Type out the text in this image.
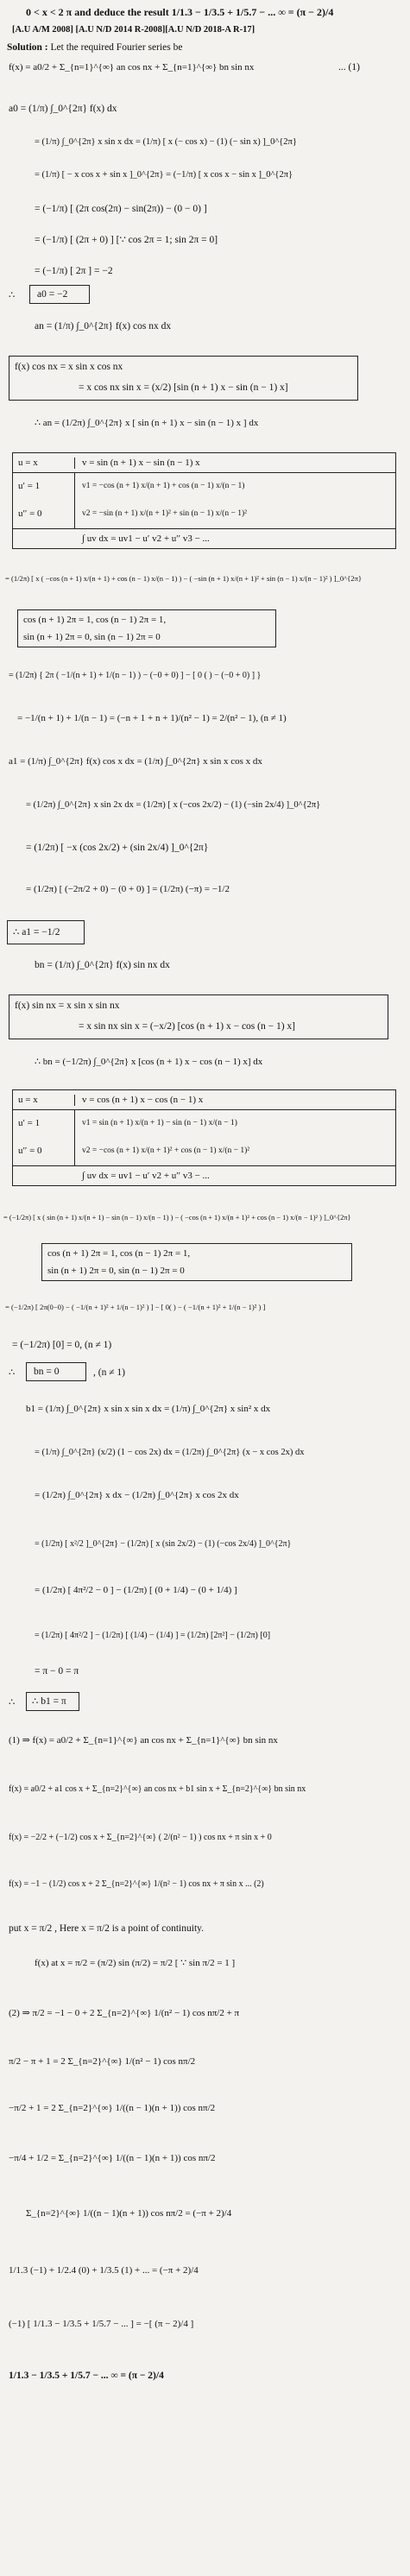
0 < x < 2 π and deduce the result 1/1.3 − 1/3.5 + 1/5.7 − ... ∞ = (π − 2)/4
[A.U A/M 2008] [A.U N/D 2014 R-2008][A.U N/D 2018-A R-17]
Solution : Let the required Fourier series be
f(x) = a0/2 + Σ_{n=1}^{∞} an cos nx + Σ_{n=1}^{∞} bn sin nx	... (1)
a0 = (1/π) ∫_0^{2π} f(x) dx
= (1/π) ∫_0^{2π} x sin x dx = (1/π) [ x (− cos x) − (1) (− sin x) ]_0^{2π}
= (1/π) [ − x cos x + sin x ]_0^{2π} = (−1/π) [ x cos x − sin x ]_0^{2π}
= (−1/π) [ (2π cos(2π) − sin(2π)) − (0 − 0) ]
= (−1/π) [ (2π + 0) ] [∵ cos 2π = 1; sin 2π = 0]
= (−1/π) [ 2π ] = −2
∴ a0 = −2
an = (1/π) ∫_0^{2π} f(x) cos nx dx
f(x) cos nx = x sin x cos nx
= x cos nx sin x = (x/2) [sin (n + 1) x − sin (n − 1) x]
∴ an = (1/2π) ∫_0^{2π} x [ sin (n + 1) x − sin (n − 1) x ] dx
u = x	v = sin (n + 1) x − sin (n − 1) x
u′ = 1	v1 = −cos (n + 1) x/(n + 1) + cos (n − 1) x/(n − 1)
u′′ = 0	v2 = −sin (n + 1) x/(n + 1)² + sin (n − 1) x/(n − 1)²
∫ uv dx = uv1 − u′ v2 + u′′ v3 − ...
= (1/2π) [ x ( −cos (n + 1) x/(n + 1) + cos (n − 1) x/(n − 1) ) − ( −sin (n + 1) x/(n + 1)² + sin (n − 1) x/(n − 1)² ) ]_0^{2π}
cos (n + 1) 2π = 1, cos (n − 1) 2π = 1,
sin (n + 1) 2π = 0, sin (n − 1) 2π = 0
= (1/2π) { 2π ( −1/(n + 1) + 1/(n − 1) ) − (−0 + 0) ] − [ 0 ( ) − (−0 + 0) ] }
= −1/(n + 1) + 1/(n − 1) = (−n + 1 + n + 1)/(n² − 1) = 2/(n² − 1), (n ≠ 1)
a1 = (1/π) ∫_0^{2π} f(x) cos x dx = (1/π) ∫_0^{2π} x sin x cos x dx
= (1/2π) ∫_0^{2π} x sin 2x dx = (1/2π) [ x (−cos 2x/2) − (1) (−sin 2x/4) ]_0^{2π}
= (1/2π) [ −x (cos 2x/2) + (sin 2x/4) ]_0^{2π}
= (1/2π) [ (−2π/2 + 0) − (0 + 0) ] = (1/2π) (−π) = −1/2
∴ a1 = −1/2
bn = (1/π) ∫_0^{2π} f(x) sin nx dx
f(x) sin nx = x sin x sin nx
= x sin nx sin x = (−x/2) [cos (n + 1) x − cos (n − 1) x]
∴ bn = (−1/2π) ∫_0^{2π} x [cos (n + 1) x − cos (n − 1) x] dx
u = x	v = cos (n + 1) x − cos (n − 1) x
u′ = 1	v1 = sin (n + 1) x/(n + 1) − sin (n − 1) x/(n − 1)
u′′ = 0	v2 = −cos (n + 1) x/(n + 1)² + cos (n − 1) x/(n − 1)²
∫ uv dx = uv1 − u′ v2 + u′′ v3 − ...
= (−1/2π) [ x ( sin (n + 1) x/(n + 1) − sin (n − 1) x/(n − 1) ) − ( −cos (n + 1) x/(n + 1)² + cos (n − 1) x/(n − 1)² ) ]_0^{2π}
cos (n + 1) 2π = 1, cos (n − 1) 2π = 1,
sin (n + 1) 2π = 0, sin (n − 1) 2π = 0
= (−1/2π) [ 2π(0−0) − ( −1/(n + 1)² + 1/(n − 1)² ) ] − [ 0( ) − ( −1/(n + 1)² + 1/(n − 1)² ) ]
= (−1/2π) [0] = 0, (n ≠ 1)
∴ bn = 0	, (n ≠ 1)
b1 = (1/π) ∫_0^{2π} x sin x sin x dx = (1/π) ∫_0^{2π} x sin² x dx
= (1/π) ∫_0^{2π} (x/2) (1 − cos 2x) dx = (1/2π) ∫_0^{2π} (x − x cos 2x) dx
= (1/2π) ∫_0^{2π} x dx − (1/2π) ∫_0^{2π} x cos 2x dx
= (1/2π) [ x²/2 ]_0^{2π} − (1/2π) [ x (sin 2x/2) − (1) (−cos 2x/4) ]_0^{2π}
= (1/2π) [ 4π²/2 − 0 ] − (1/2π) [ (0 + 1/4) − (0 + 1/4) ]
= (1/2π) [ 4π²/2 ] − (1/2π) [ (1/4) − (1/4) ] = (1/2π) [2π²] − (1/2π) [0]
= π − 0 = π
∴ ∴ b1 = π
(1) ⇒ f(x) = a0/2 + Σ_{n=1}^{∞} an cos nx + Σ_{n=1}^{∞} bn sin nx
f(x) = a0/2 + a1 cos x + Σ_{n=2}^{∞} an cos nx + b1 sin x + Σ_{n=2}^{∞} bn sin nx
f(x) = −2/2 + (−1/2) cos x + Σ_{n=2}^{∞} ( 2/(n² − 1) ) cos nx + π sin x + 0
f(x) = −1 − (1/2) cos x + 2 Σ_{n=2}^{∞} 1/(n² − 1) cos nx + π sin x ... (2)
put x = π/2 , Here x = π/2 is a point of continuity.
f(x) at x = π/2 = (π/2) sin (π/2) = π/2 [ ∵ sin π/2 = 1 ]
(2) ⇒ π/2 = −1 − 0 + 2 Σ_{n=2}^{∞} 1/(n² − 1) cos nπ/2 + π
π/2 − π + 1 = 2 Σ_{n=2}^{∞} 1/(n² − 1) cos nπ/2
−π/2 + 1 = 2 Σ_{n=2}^{∞} 1/((n − 1)(n + 1)) cos nπ/2
−π/4 + 1/2 = Σ_{n=2}^{∞} 1/((n − 1)(n + 1)) cos nπ/2
Σ_{n=2}^{∞} 1/((n − 1)(n + 1)) cos nπ/2 = (−π + 2)/4
1/1.3 (−1) + 1/2.4 (0) + 1/3.5 (1) + ... = (−π + 2)/4
(−1) [ 1/1.3 − 1/3.5 + 1/5.7 − ... ] = −[ (π − 2)/4 ]
1/1.3 − 1/3.5 + 1/5.7 − ... ∞ = (π − 2)/4
